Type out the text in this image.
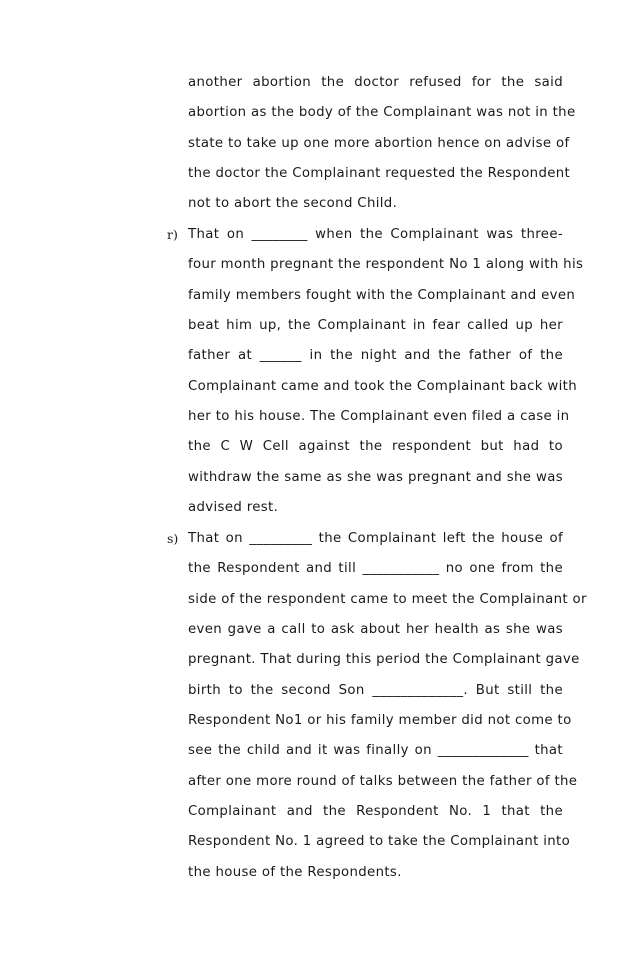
another abortion the doctor refused for the said
abortion as the body of the Complainant was not in the
state to take up one more abortion hence on advise of
the doctor the Complainant requested the Respondent
not to abort the second Child.
r) That on ________ when the Complainant was three-
four month pregnant the respondent No 1 along with his
family members fought with the Complainant and even
beat him up, the Complainant in fear called up her
father at ______ in the night and the father of the
Complainant came and took the Complainant back with
her to his house. The Complainant even filed a case in
the C W Cell against the respondent but had to
withdraw the same as she was pregnant and she was
advised rest.
s) That on _________ the Complainant left the house of
the Respondent and till ___________ no one from the
side of the respondent came to meet the Complainant or
even gave a call to ask about her health as she was
pregnant. That during this period the Complainant gave
birth to the second Son _____________. But still the
Respondent No1 or his family member did not come to
see the child and it was finally on _____________ that
after one more round of talks between the father of the
Complainant and the Respondent No. 1 that the
Respondent No. 1 agreed to take the Complainant into
the house of the Respondents.
